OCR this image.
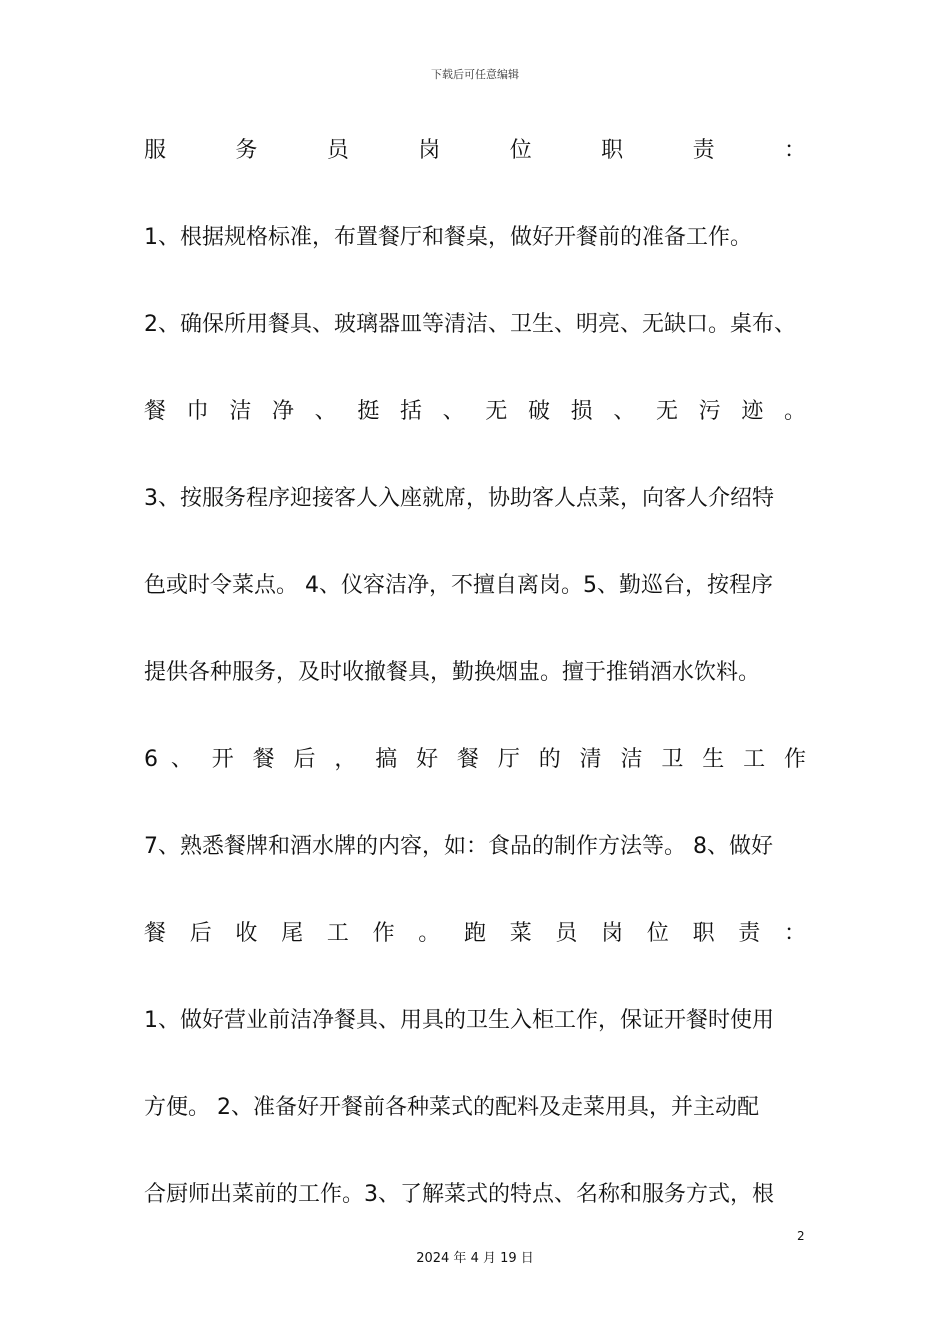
下载后可任意编辑
服 务 员 岗 位 职 责 ：
1、根据规格标准，布置餐厅和餐桌，做好开餐前的准备工作。
2、确保所用餐具、玻璃器皿等清洁、卫生、明亮、无缺口。桌布、
餐 巾 洁 净 、 挺 括 、 无 破 损 、 无 污 迹 。
3、按服务程序迎接客人入座就席，协助客人点菜，向客人介绍特
色或时令菜点。 4、仪容洁净，不擅自离岗。5、勤巡台，按程序
提供各种服务，及时收撤餐具，勤换烟盅。擅于推销酒水饮料。
6 、 开 餐 后 ， 搞 好 餐 厅 的 清 洁 卫 生 工 作
7、熟悉餐牌和酒水牌的内容，如：食品的制作方法等。 8、做好
餐 后 收 尾 工 作 。 跑 菜 员 岗 位 职 责 ：
1、做好营业前洁净餐具、用具的卫生入柜工作，保证开餐时使用
方便。 2、准备好开餐前各种菜式的配料及走菜用具，并主动配
合厨师出菜前的工作。3、了解菜式的特点、名称和服务方式，根
2
2024 年 4 月 19 日
